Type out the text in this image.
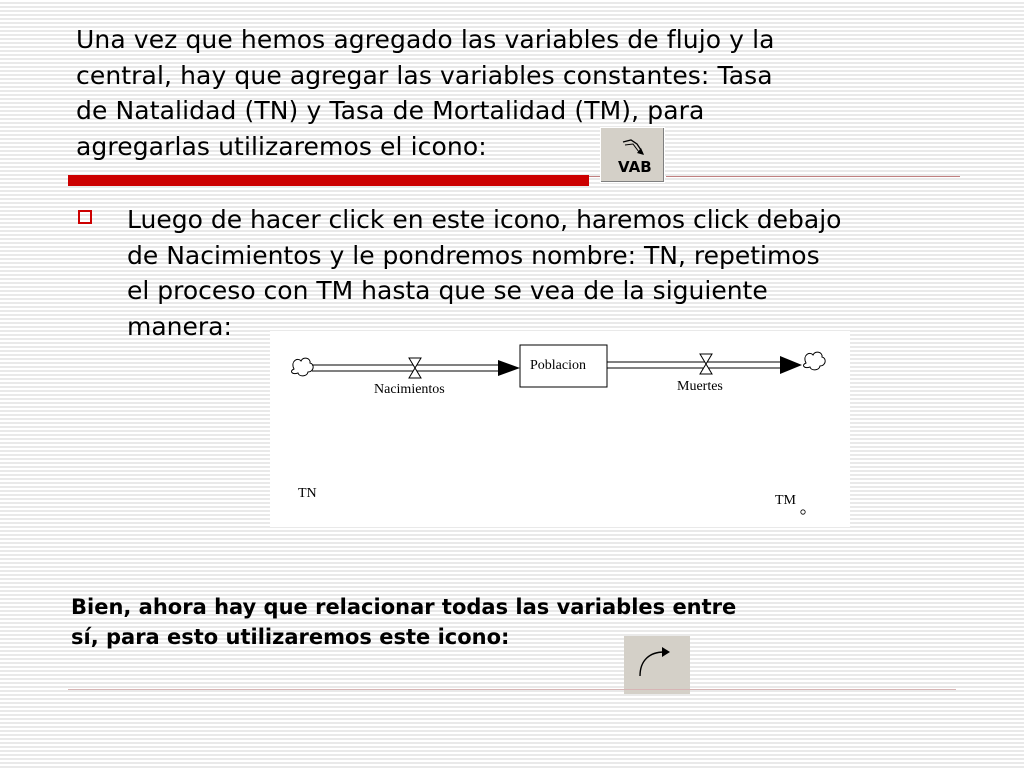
Una vez que hemos agregado las variables de flujo y la
central, hay que agregar las variables constantes: Tasa
de Natalidad (TN) y Tasa de Mortalidad (TM), para
agregarlas utilizaremos el icono:
VAB

Luego de hacer click en este icono, haremos click debajo
de Nacimientos y le pondremos nombre: TN, repetimos
el proceso con TM hasta que se vea de la siguiente
manera:

Nacimientos
Poblacion
Muertes
TN	TM

Bien, ahora hay que relacionar todas las variables entre
sí, para esto utilizaremos este icono:
